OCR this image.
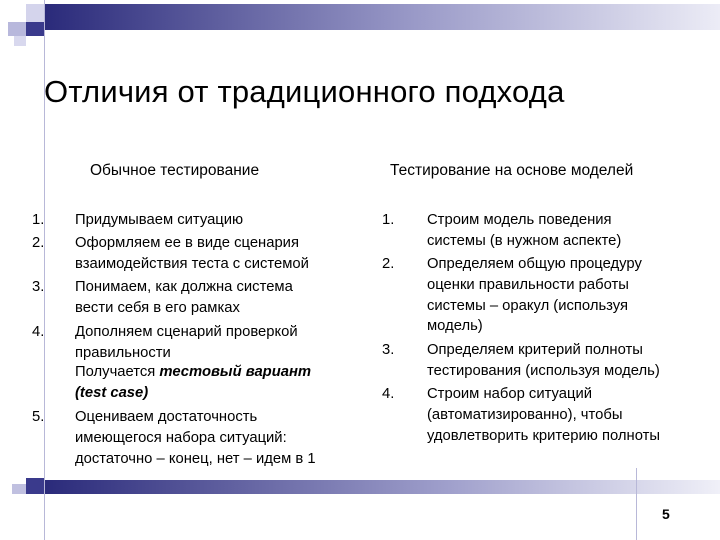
Отличия от традиционного подхода
Обычное тестирование
1. Придумываем ситуацию
2. Оформляем ее в виде сценария
взаимодействия теста с системой
3. Понимаем, как должна система
вести себя в его рамках
4. Дополняем сценарий проверкой
правильности
Получается тестовый вариант
(test case)
5. Оцениваем достаточность
имеющегося набора ситуаций:
достаточно – конец, нет – идем в 1
Тестирование на основе моделей
1. Строим модель поведения
системы (в нужном аспекте)
2. Определяем общую процедуру
оценки правильности работы
системы – оракул (используя
модель)
3. Определяем критерий полноты
тестирования (используя модель)
4. Строим набор ситуаций
(автоматизированно), чтобы
удовлетворить критерию полноты
5
